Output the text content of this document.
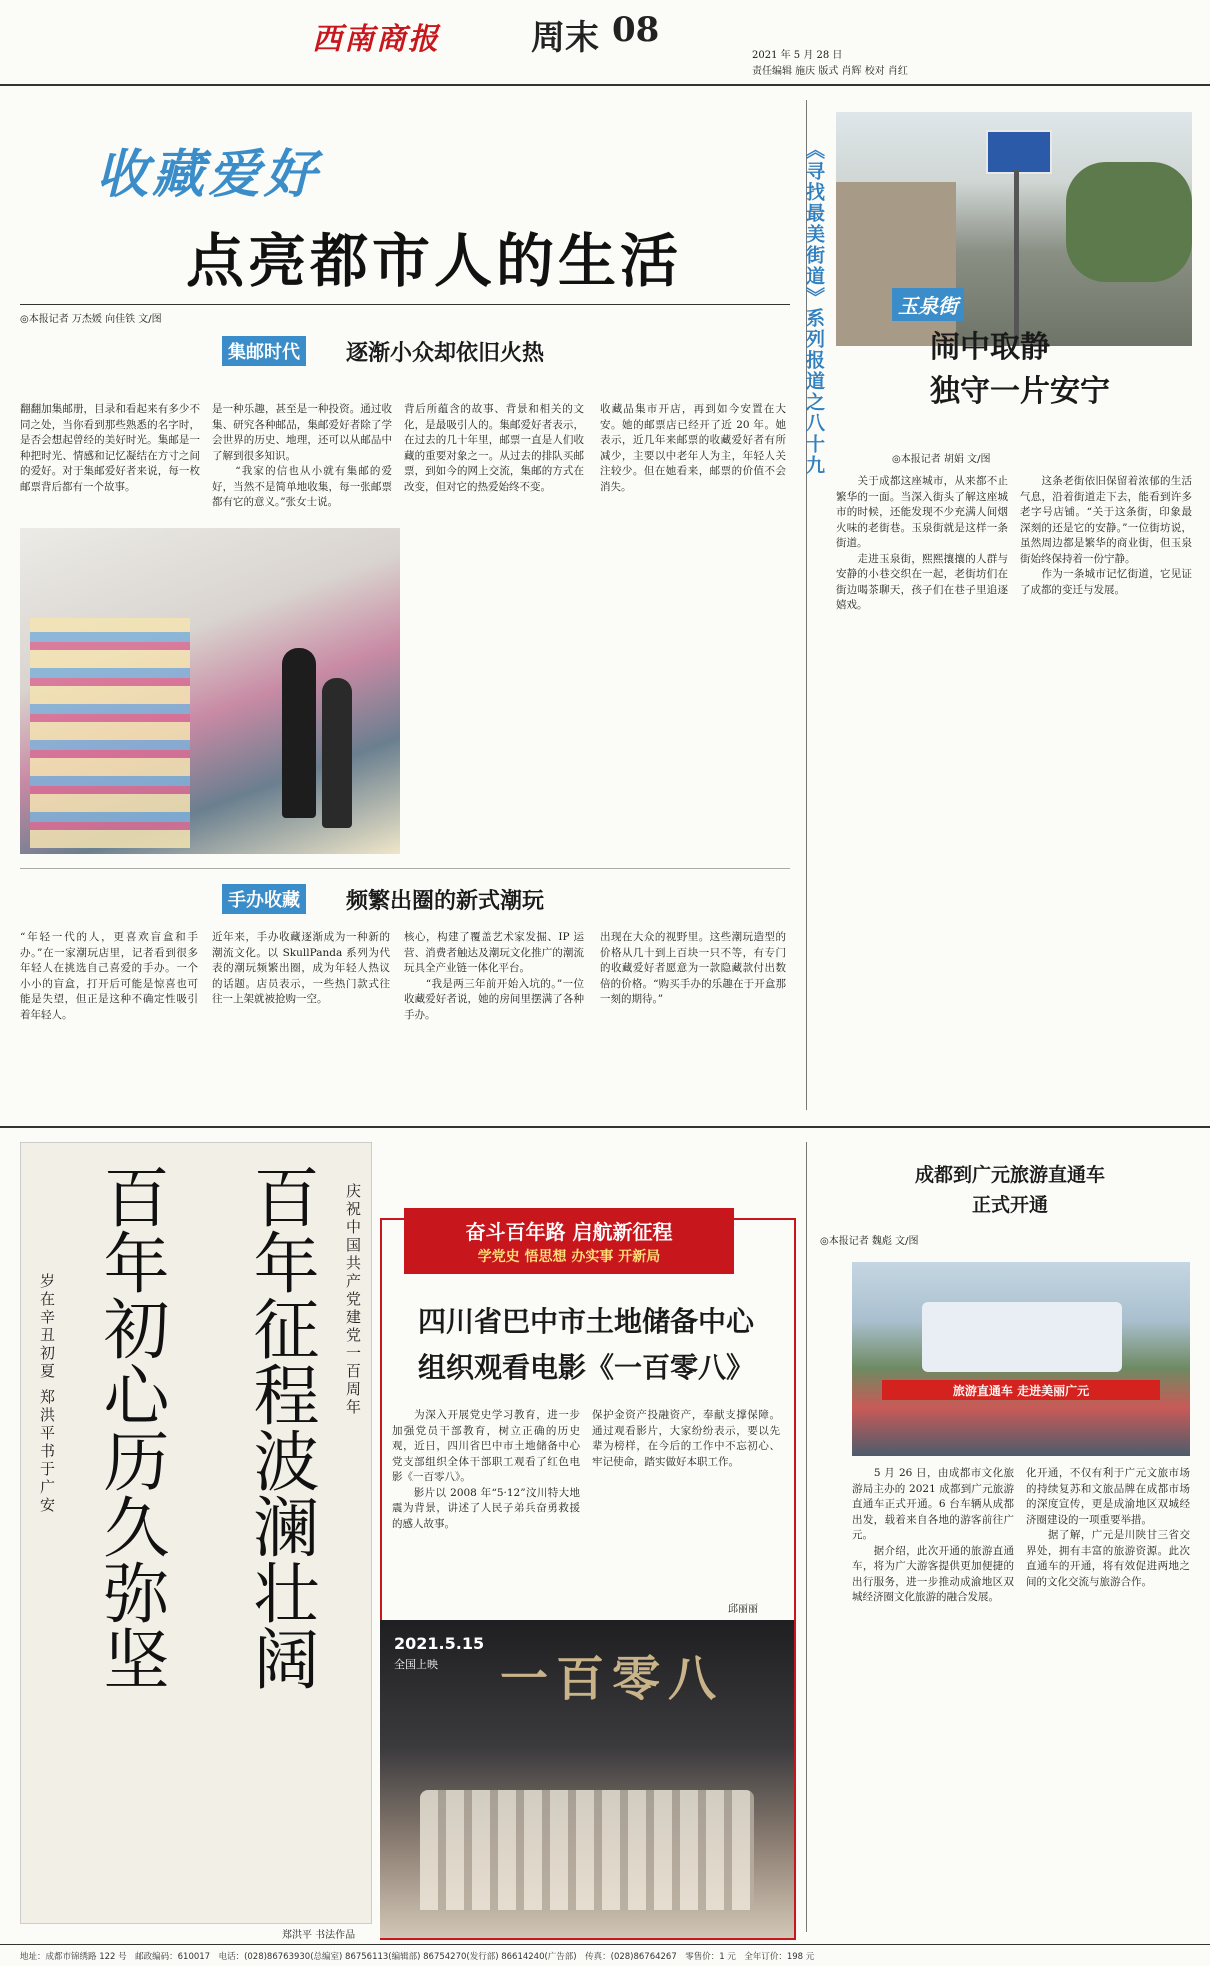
西南商报	周末 08
2021 年 5 月 28 日
责任编辑 施庆 版式 肖辉 校对 肖红
收藏爱好
点亮都市人的生活
◎本报记者 万杰媛 向佳铁 文/图
集邮时代 逐渐小众却依旧火热
翻翻加集邮册，目录和看起来有多少不同之处，当你看到那些熟悉的名字时，是否会想起曾经的美好时光。集邮是一种把时光、情感和记忆凝结在方寸之间的爱好。对于集邮爱好者来说，每一枚邮票背后都有一个故事。
是一种乐趣，甚至是一种投资。通过收集、研究各种邮品，集邮爱好者除了学会世界的历史、地理，还可以从邮品中了解到很多知识。
　　“我家的信也从小就有集邮的爱好，当然不是简单地收集，每一张邮票都有它的意义。”张女士说。
背后所蕴含的故事、背景和相关的文化，是最吸引人的。集邮爱好者表示，在过去的几十年里，邮票一直是人们收藏的重要对象之一。从过去的排队买邮票，到如今的网上交流，集邮的方式在改变，但对它的热爱始终不变。
收藏品集市开店，再到如今安置在大安。她的邮票店已经开了近 20 年。她表示，近几年来邮票的收藏爱好者有所减少，主要以中老年人为主，年轻人关注较少。但在她看来，邮票的价值不会消失。
手办收藏 频繁出圈的新式潮玩
“年轻一代的人，更喜欢盲盒和手办。”在一家潮玩店里，记者看到很多年轻人在挑选自己喜爱的手办。一个小小的盲盒，打开后可能是惊喜也可能是失望，但正是这种不确定性吸引着年轻人。
近年来，手办收藏逐渐成为一种新的潮流文化。以 SkullPanda 系列为代表的潮玩频繁出圈，成为年轻人热议的话题。店员表示，一些热门款式往往一上架就被抢购一空。
核心，构建了覆盖艺术家发掘、IP 运营、消费者触达及潮玩文化推广的潮流玩具全产业链一体化平台。
　　“我是两三年前开始入坑的。”一位收藏爱好者说，她的房间里摆满了各种手办。
出现在大众的视野里。这些潮玩造型的价格从几十到上百块一只不等，有专门的收藏爱好者愿意为一款隐藏款付出数倍的价格。“购买手办的乐趣在于开盒那一刻的期待。”
《寻找最美街道》系列报道之八十九	玉泉街
闹中取静
独守一片安宁
◎本报记者 胡娟 文/图
　　关于成都这座城市，从来都不止繁华的一面。当深入街头了解这座城市的时候，还能发现不少充满人间烟火味的老街巷。玉泉街就是这样一条街道。
　　走进玉泉街，熙熙攘攘的人群与安静的小巷交织在一起，老街坊们在街边喝茶聊天，孩子们在巷子里追逐嬉戏。
　　这条老街依旧保留着浓郁的生活气息，沿着街道走下去，能看到许多老字号店铺。“关于这条街，印象最深刻的还是它的安静。”一位街坊说，虽然周边都是繁华的商业街，但玉泉街始终保持着一份宁静。
　　作为一条城市记忆街道，它见证了成都的变迁与发展。
百年征程波澜壮阔
百年初心历久弥坚	庆祝中国共产党建党一百周年
岁在辛丑初夏 郑洪平书于广安
郑洪平 书法作品
奋斗百年路 启航新征程
学党史 悟思想 办实事 开新局
四川省巴中市土地储备中心
组织观看电影《一百零八》
　　为深入开展党史学习教育，进一步加强党员干部教育，树立正确的历史观，近日，四川省巴中市土地储备中心党支部组织全体干部职工观看了红色电影《一百零八》。
　　影片以 2008 年“5·12”汶川特大地震为背景，讲述了人民子弟兵奋勇救援的感人故事。
保护金资产投融资产，奉献支撑保障。通过观看影片，大家纷纷表示，要以先辈为榜样，在今后的工作中不忘初心、牢记使命，踏实做好本职工作。
邱丽丽
2021.5.15
全国上映 一百零八
成都到广元旅游直通车
正式开通
◎本报记者 魏彪 文/图
旅游直通车 走进美丽广元
　　5 月 26 日，由成都市文化旅游局主办的 2021 成都到广元旅游直通车正式开通。6 台车辆从成都出发，载着来自各地的游客前往广元。
　　据介绍，此次开通的旅游直通车，将为广大游客提供更加便捷的出行服务，进一步推动成渝地区双城经济圈文化旅游的融合发展。
化开通，不仅有利于广元文旅市场的持续复苏和文旅品牌在成都市场的深度宣传，更是成渝地区双城经济圈建设的一项重要举措。
　　据了解，广元是川陕甘三省交界处，拥有丰富的旅游资源。此次直通车的开通，将有效促进两地之间的文化交流与旅游合作。
地址：成都市锦绣路 122 号　邮政编码：610017　电话：(028)86763930(总编室) 86756113(编辑部) 86754270(发行部) 86614240(广告部)　传真：(028)86764267　零售价：1 元　全年订价：198 元
